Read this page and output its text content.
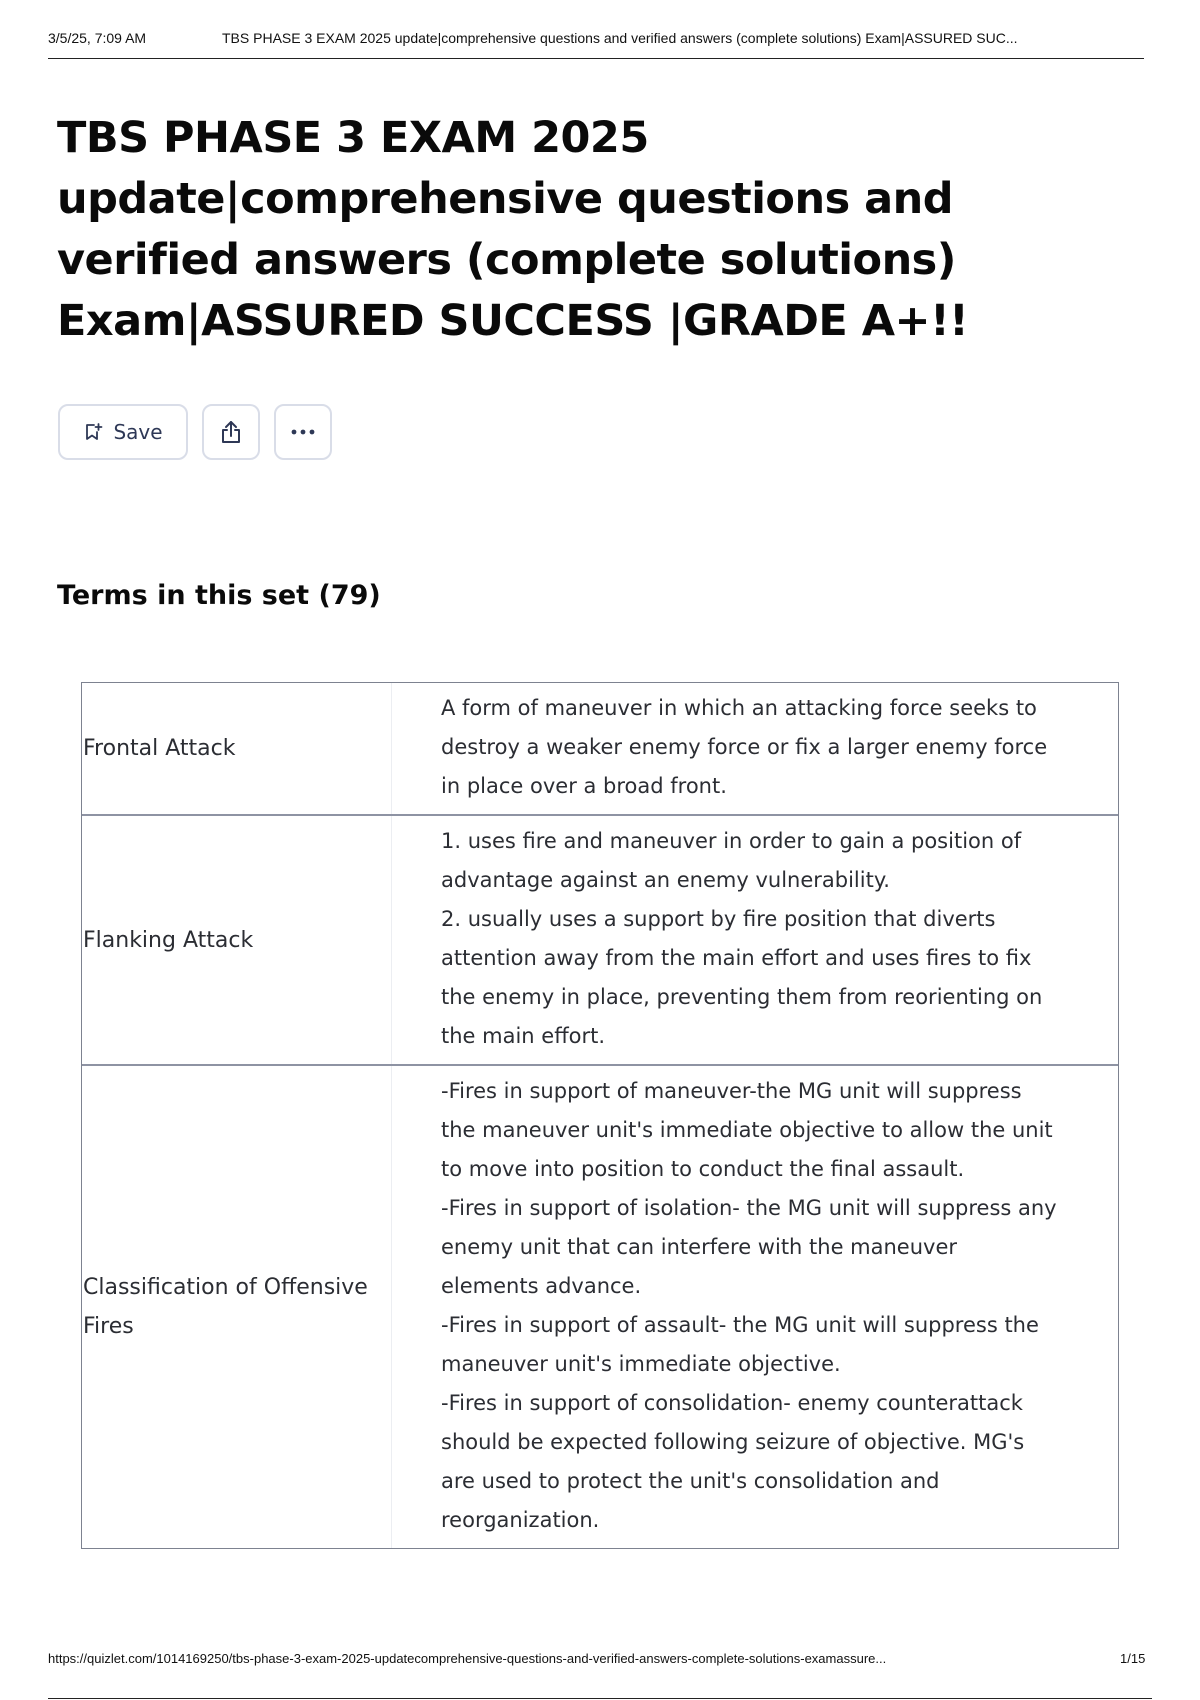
3/5/25, 7:09 AM	TBS PHASE 3 EXAM 2025 update|comprehensive questions and verified answers (complete solutions) Exam|ASSURED SUC...
TBS PHASE 3 EXAM 2025 update|comprehensive questions and verified answers (complete solutions) Exam|ASSURED SUCCESS |GRADE A+!!
Save
Terms in this set (79)
Frontal Attack
A form of maneuver in which an attacking force seeks to destroy a weaker enemy force or fix a larger enemy force in place over a broad front.
Flanking Attack
1. uses fire and maneuver in order to gain a position of advantage against an enemy vulnerability.
2. usually uses a support by fire position that diverts attention away from the main effort and uses fires to fix the enemy in place, preventing them from reorienting on the main effort.
Classification of Offensive Fires
-Fires in support of maneuver-the MG unit will suppress the maneuver unit's immediate objective to allow the unit to move into position to conduct the final assault.
-Fires in support of isolation- the MG unit will suppress any enemy unit that can interfere with the maneuver elements advance.
-Fires in support of assault- the MG unit will suppress the maneuver unit's immediate objective.
-Fires in support of consolidation- enemy counterattack should be expected following seizure of objective. MG's are used to protect the unit's consolidation and reorganization.
https://quizlet.com/1014169250/tbs-phase-3-exam-2025-updatecomprehensive-questions-and-verified-answers-complete-solutions-examassure...	1/15
